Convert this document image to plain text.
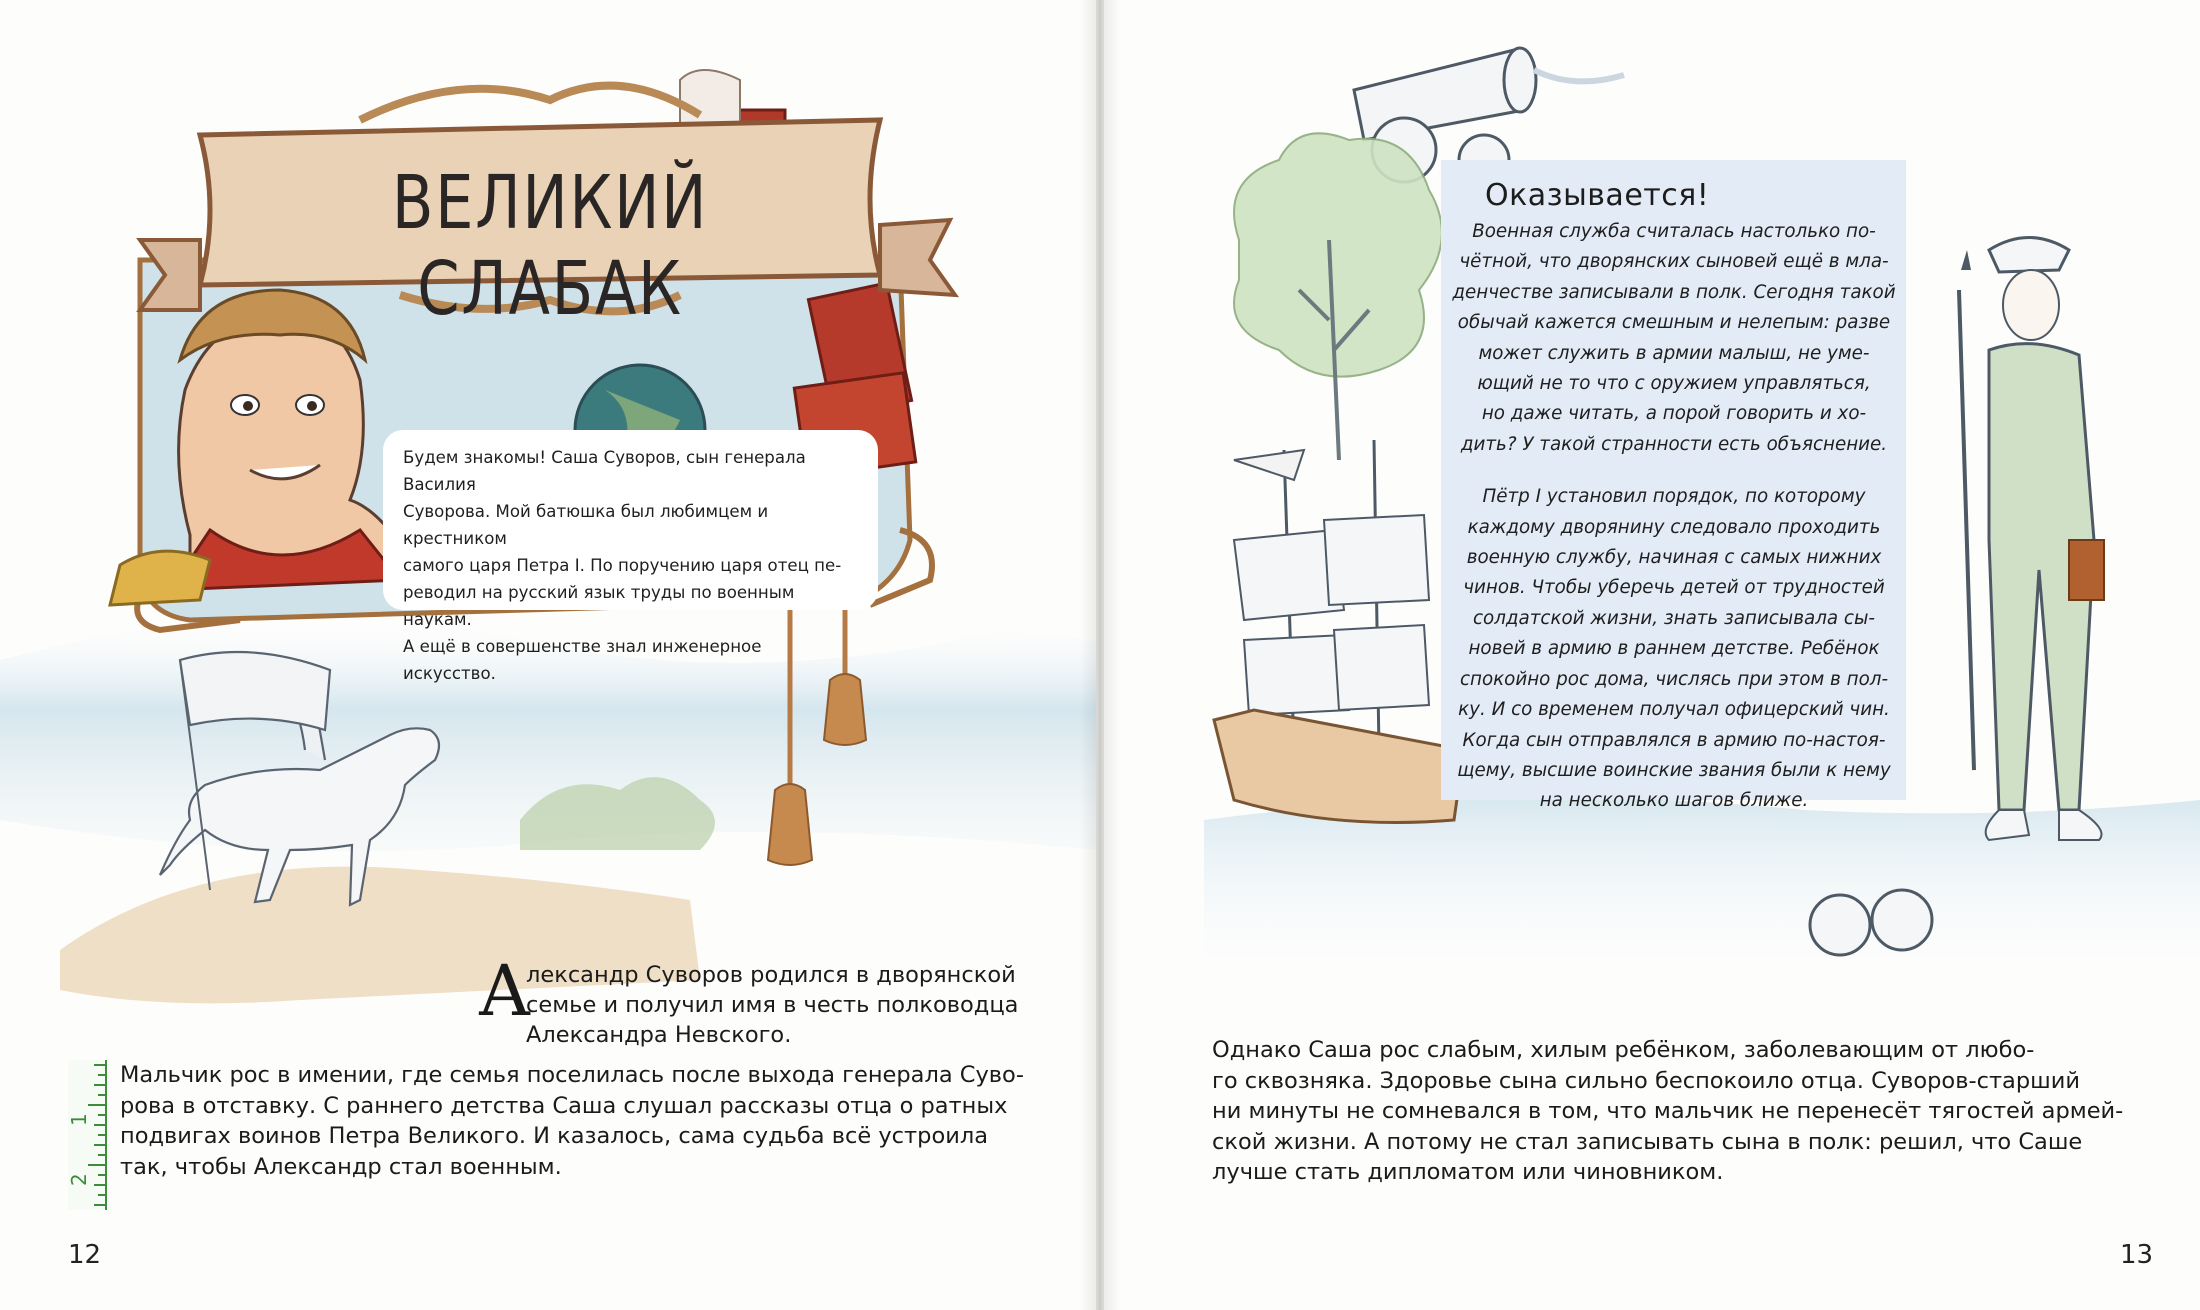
ВЕЛИКИЙ СЛАБАК

Будем знакомы! Саша Суворов, сын генерала Василия

Суворова. Мой батюшка был любимцем и крестником

самого царя Петра I. По поручению царя отец пе-

реводил на русский язык труды по военным наукам.

А ещё в совершенстве знал инженерное искусство.

А
лександр Суворов родился в дворянской
семье и получил имя в честь полководца
Александра Невского.
1
2
Мальчик рос в имении, где семья поселилась после выхода генерала Суво-
рова в отставку. С раннего детства Саша слушал рассказы отца о ратных
подвигах воинов Петра Великого. И казалось, сама судьба всё устроила
так, чтобы Александр стал военным.
12
Оказывается!
Военная служба считалась настолько по-
чётной, что дворянских сыновей ещё в мла-
денчестве записывали в полк. Сегодня такой
обычай кажется смешным и нелепым: разве
может служить в армии малыш, не уме-
ющий не то что с оружием управляться,
но даже читать, а порой говорить и хо-
дить? У такой странности есть объяснение.
Пётр I установил порядок, по которому
каждому дворянину следовало проходить
военную службу, начиная с самых нижних
чинов. Чтобы уберечь детей от трудностей
солдатской жизни, знать записывала сы-
новей в армию в раннем детстве. Ребёнок
спокойно рос дома, числясь при этом в пол-
ку. И со временем получал офицерский чин.
Когда сын отправлялся в армию по-настоя-
щему, высшие воинские звания были к нему
на несколько шагов ближе.
Однако Саша рос слабым, хилым ребёнком, заболевающим от любо-
го сквозняка. Здоровье сына сильно беспокоило отца. Суворов-старший
ни минуты не сомневался в том, что мальчик не перенесёт тягостей армей-
ской жизни. А потому не стал записывать сына в полк: решил, что Саше
лучше стать дипломатом или чиновником.
13
